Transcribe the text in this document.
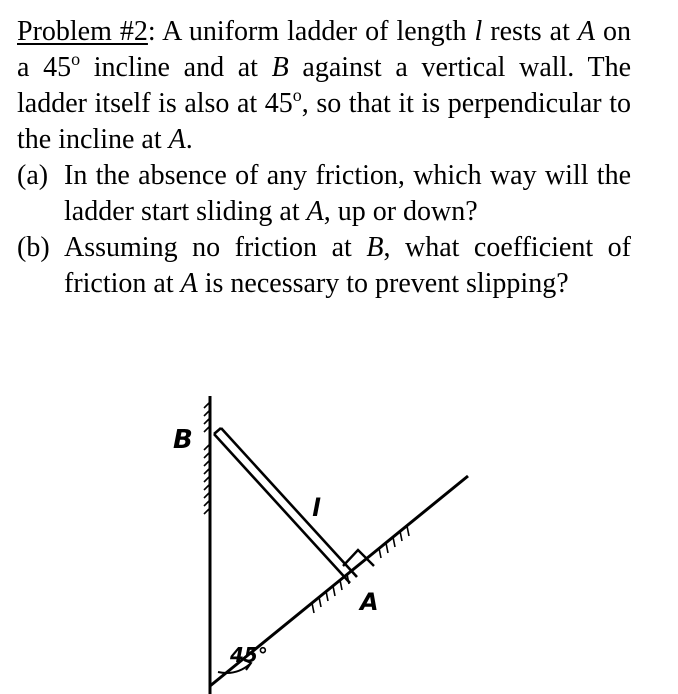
Problem #2: A uniform ladder of length l rests at A on a 45$^o$ incline and at B against a vertical wall. The ladder itself is also at 45$^o$, so that it is perpendicular to the incline at A.

(a) In the absence of any friction, which way will the ladder start sliding at A, up or down?
(b) Assuming no friction at B, what coefficient of friction at A is necessary to prevent slipping?
B
A
l
45°
